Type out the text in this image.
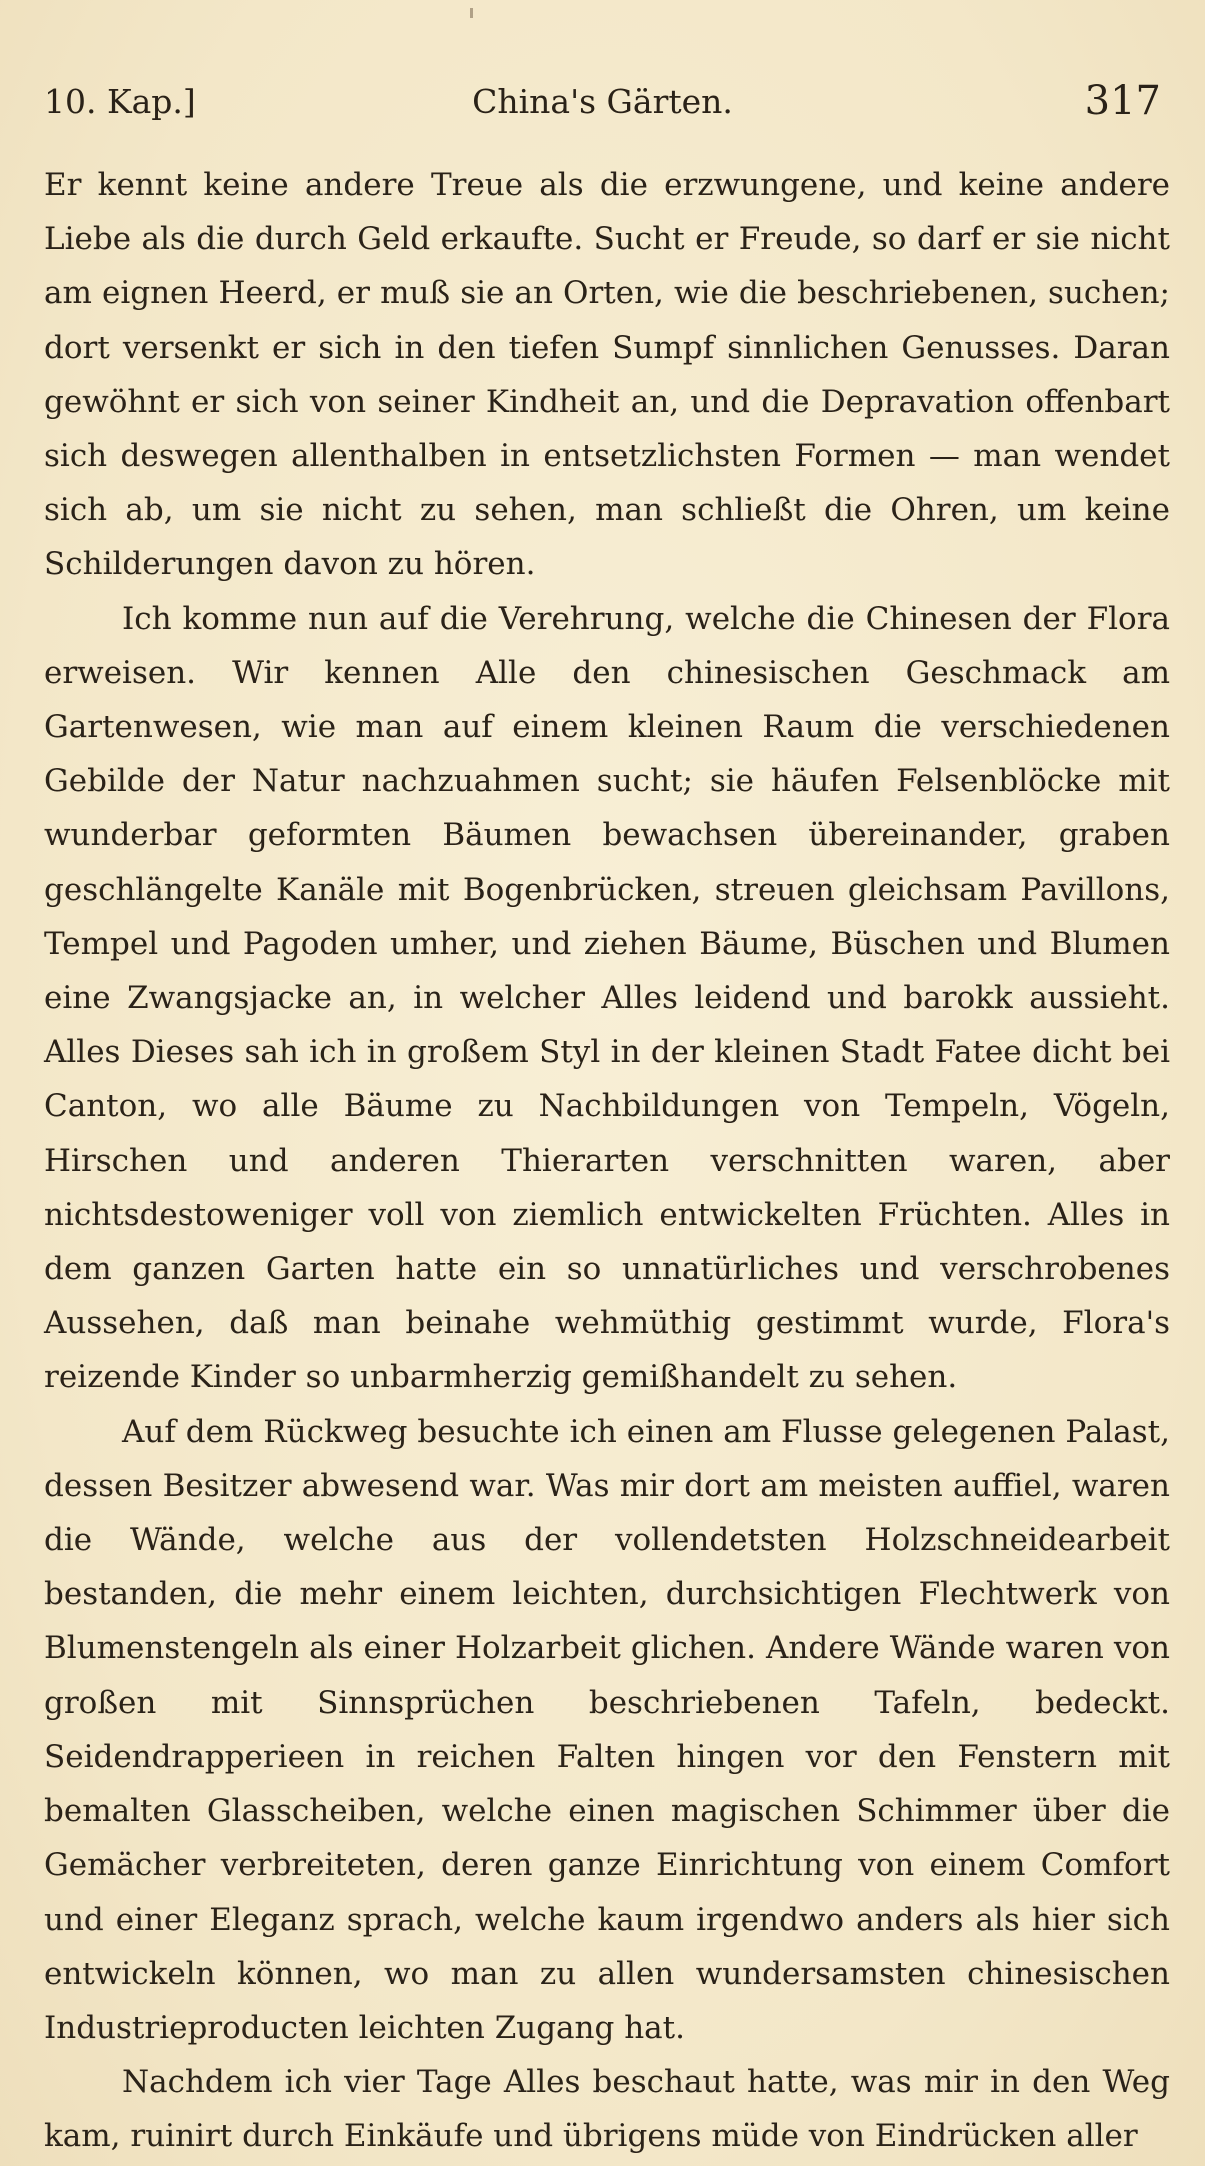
10. Kap.]	China's Gärten.	317

Er kennt keine andere Treue als die erzwungene, und keine andere Liebe als die durch Geld erkaufte. Sucht er Freude, so darf er sie nicht am eignen Heerd, er muß sie an Orten, wie die beschriebenen, suchen; dort versenkt er sich in den tiefen Sumpf sinnlichen Genusses. Daran gewöhnt er sich von seiner Kindheit an, und die Depravation offenbart sich deswegen allenthalben in entsetzlichsten Formen — man wendet sich ab, um sie nicht zu sehen, man schließt die Ohren, um keine Schilderungen davon zu hören.

Ich komme nun auf die Verehrung, welche die Chinesen der Flora erweisen. Wir kennen Alle den chinesischen Geschmack am Gartenwesen, wie man auf einem kleinen Raum die verschiedenen Gebilde der Natur nachzuahmen sucht; sie häufen Felsenblöcke mit wunderbar geformten Bäumen bewachsen übereinander, graben geschlängelte Kanäle mit Bogenbrücken, streuen gleichsam Pavillons, Tempel und Pagoden umher, und ziehen Bäume, Büschen und Blumen eine Zwangsjacke an, in welcher Alles leidend und barokk aussieht. Alles Dieses sah ich in großem Styl in der kleinen Stadt Fatee dicht bei Canton, wo alle Bäume zu Nachbildungen von Tempeln, Vögeln, Hirschen und anderen Thierarten verschnitten waren, aber nichtsdestoweniger voll von ziemlich entwickelten Früchten. Alles in dem ganzen Garten hatte ein so unnatürliches und verschrobenes Aussehen, daß man beinahe wehmüthig gestimmt wurde, Flora's reizende Kinder so unbarmherzig gemißhandelt zu sehen.

Auf dem Rückweg besuchte ich einen am Flusse gelegenen Palast, dessen Besitzer abwesend war. Was mir dort am meisten auffiel, waren die Wände, welche aus der vollendetsten Holzschneidearbeit bestanden, die mehr einem leichten, durchsichtigen Flechtwerk von Blumenstengeln als einer Holzarbeit glichen. Andere Wände waren von großen mit Sinnsprüchen beschriebenen Tafeln, bedeckt. Seidendrapperieen in reichen Falten hingen vor den Fenstern mit bemalten Glasscheiben, welche einen magischen Schimmer über die Gemächer verbreiteten, deren ganze Einrichtung von einem Comfort und einer Eleganz sprach, welche kaum irgendwo anders als hier sich entwickeln können, wo man zu allen wundersamsten chinesischen Industrieproducten leichten Zugang hat.

Nachdem ich vier Tage Alles beschaut hatte, was mir in den Weg kam, ruinirt durch Einkäufe und übrigens müde von Eindrücken aller
